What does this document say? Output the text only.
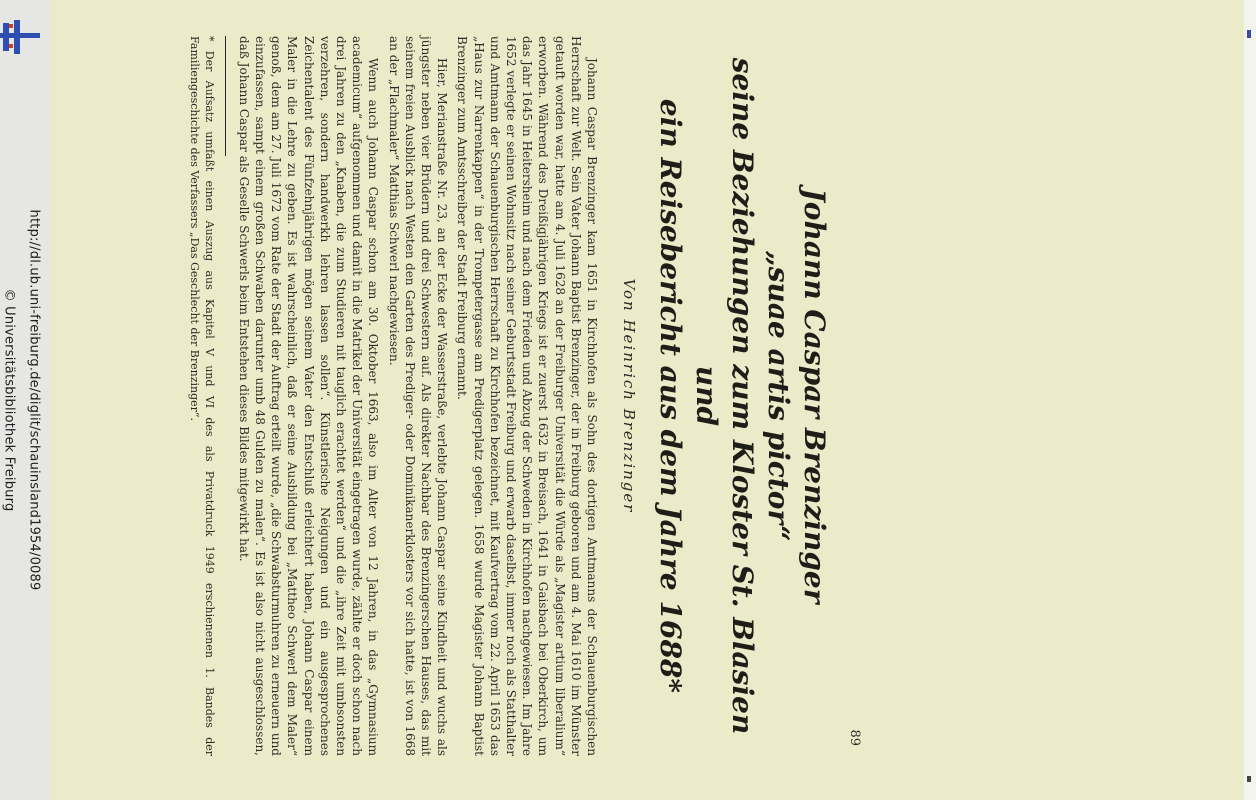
http://dl.ub.uni-freiburg.de/diglit/schauinsland1954/0089
© Universitätsbibliothek Freiburg
89
Johann Caspar Brenzinger
„suae artis pictor“
seine Beziehungen zum Kloster St. Blasien und
ein Reisebericht aus dem Jahre 1688*
Von Heinrich Brenzinger

Johann Caspar Brenzinger kam 1651 in Kirchhofen als Sohn des dortigen Amtmanns der Schauenburgischen Herrschaft zur Welt. Sein Vater Johann Baptist Brenzinger, der in Freiburg geboren und am 4. Mai 1610 im Münster getauft worden war, hatte am 4. Juli 1628 an der Freiburger Universität die Würde als „Magister artium liberalium“ erworben. Während des Dreißigjährigen Kriegs ist er zuerst 1632 in Breisach, 1641 in Gaisbach bei Oberkirch, um das Jahr 1645 in Heitersheim und nach dem Frieden und Abzug der Schweden in Kirchhofen nachgewiesen. Im Jahre 1652 verlegte er seinen Wohnsitz nach seiner Geburtsstadt Freiburg und erwarb daselbst, immer noch als Statthalter und Amtmann der Schauenburgischen Herrschaft zu Kirchhofen bezeichnet, mit Kaufvertrag vom 22. April 1653 das „Haus zur Narrenkappen“ in der Trompetergasse am Predigerplatz gelegen. 1658 wurde Magister Johann Baptist Brenzinger zum Amtsschreiber der Stadt Freiburg ernannt.

Hier, Merianstraße Nr. 23, an der Ecke der Wasserstraße, verlebte Johann Caspar seine Kindheit und wuchs als jüngster neben vier Brüdern und drei Schwestern auf. Als direkter Nachbar des Brenzingerschen Hauses, das mit seinem freien Ausblick nach Westen den Garten des Prediger- oder Dominikanerklosters vor sich hatte, ist von 1668 an der „Flachmaler“ Matthias Schwerl nachgewiesen.

Wenn auch Johann Caspar schon am 30. Oktober 1663, also im Alter von 12 Jahren, in das „Gymnasium academicum“ aufgenommen und damit in die Matrikel der Universität eingetragen wurde, zählte er doch schon nach drei Jahren zu den „Knaben, die zum Studieren nit tauglich erachtet werden“ und die „ihre Zeit mit umbsonsten verzehren, sondern handwerkh lehren lassen sollen“. Künstlerische Neigungen und ein ausgesprochenes Zeichentalent des Fünfzehnjährigen mögen seinem Vater den Entschluß erleichtert haben, Johann Caspar einem Maler in die Lehre zu geben. Es ist wahrscheinlich, daß er seine Ausbildung bei „Mattheo Schwerl dem Maler“ genoß, dem am 27. Juli 1672 vom Rate der Stadt der Auftrag erteilt wurde, „die Schwabsturmuhren zu erneuern und einzufassen, sampt einem großen Schwaben darunter umb 48 Gulden zu malen“. Es ist also nicht ausgeschlossen, daß Johann Caspar als Geselle Schwerls beim Entstehen dieses Bildes mitgewirkt hat.

* Der Aufsatz umfaßt einen Auszug aus Kapitel V und VI des als Privatdruck 1949 erschienenen 1. Bandes der Familiengeschichte des Verfassers „Das Geschlecht der Brenzinger“.
